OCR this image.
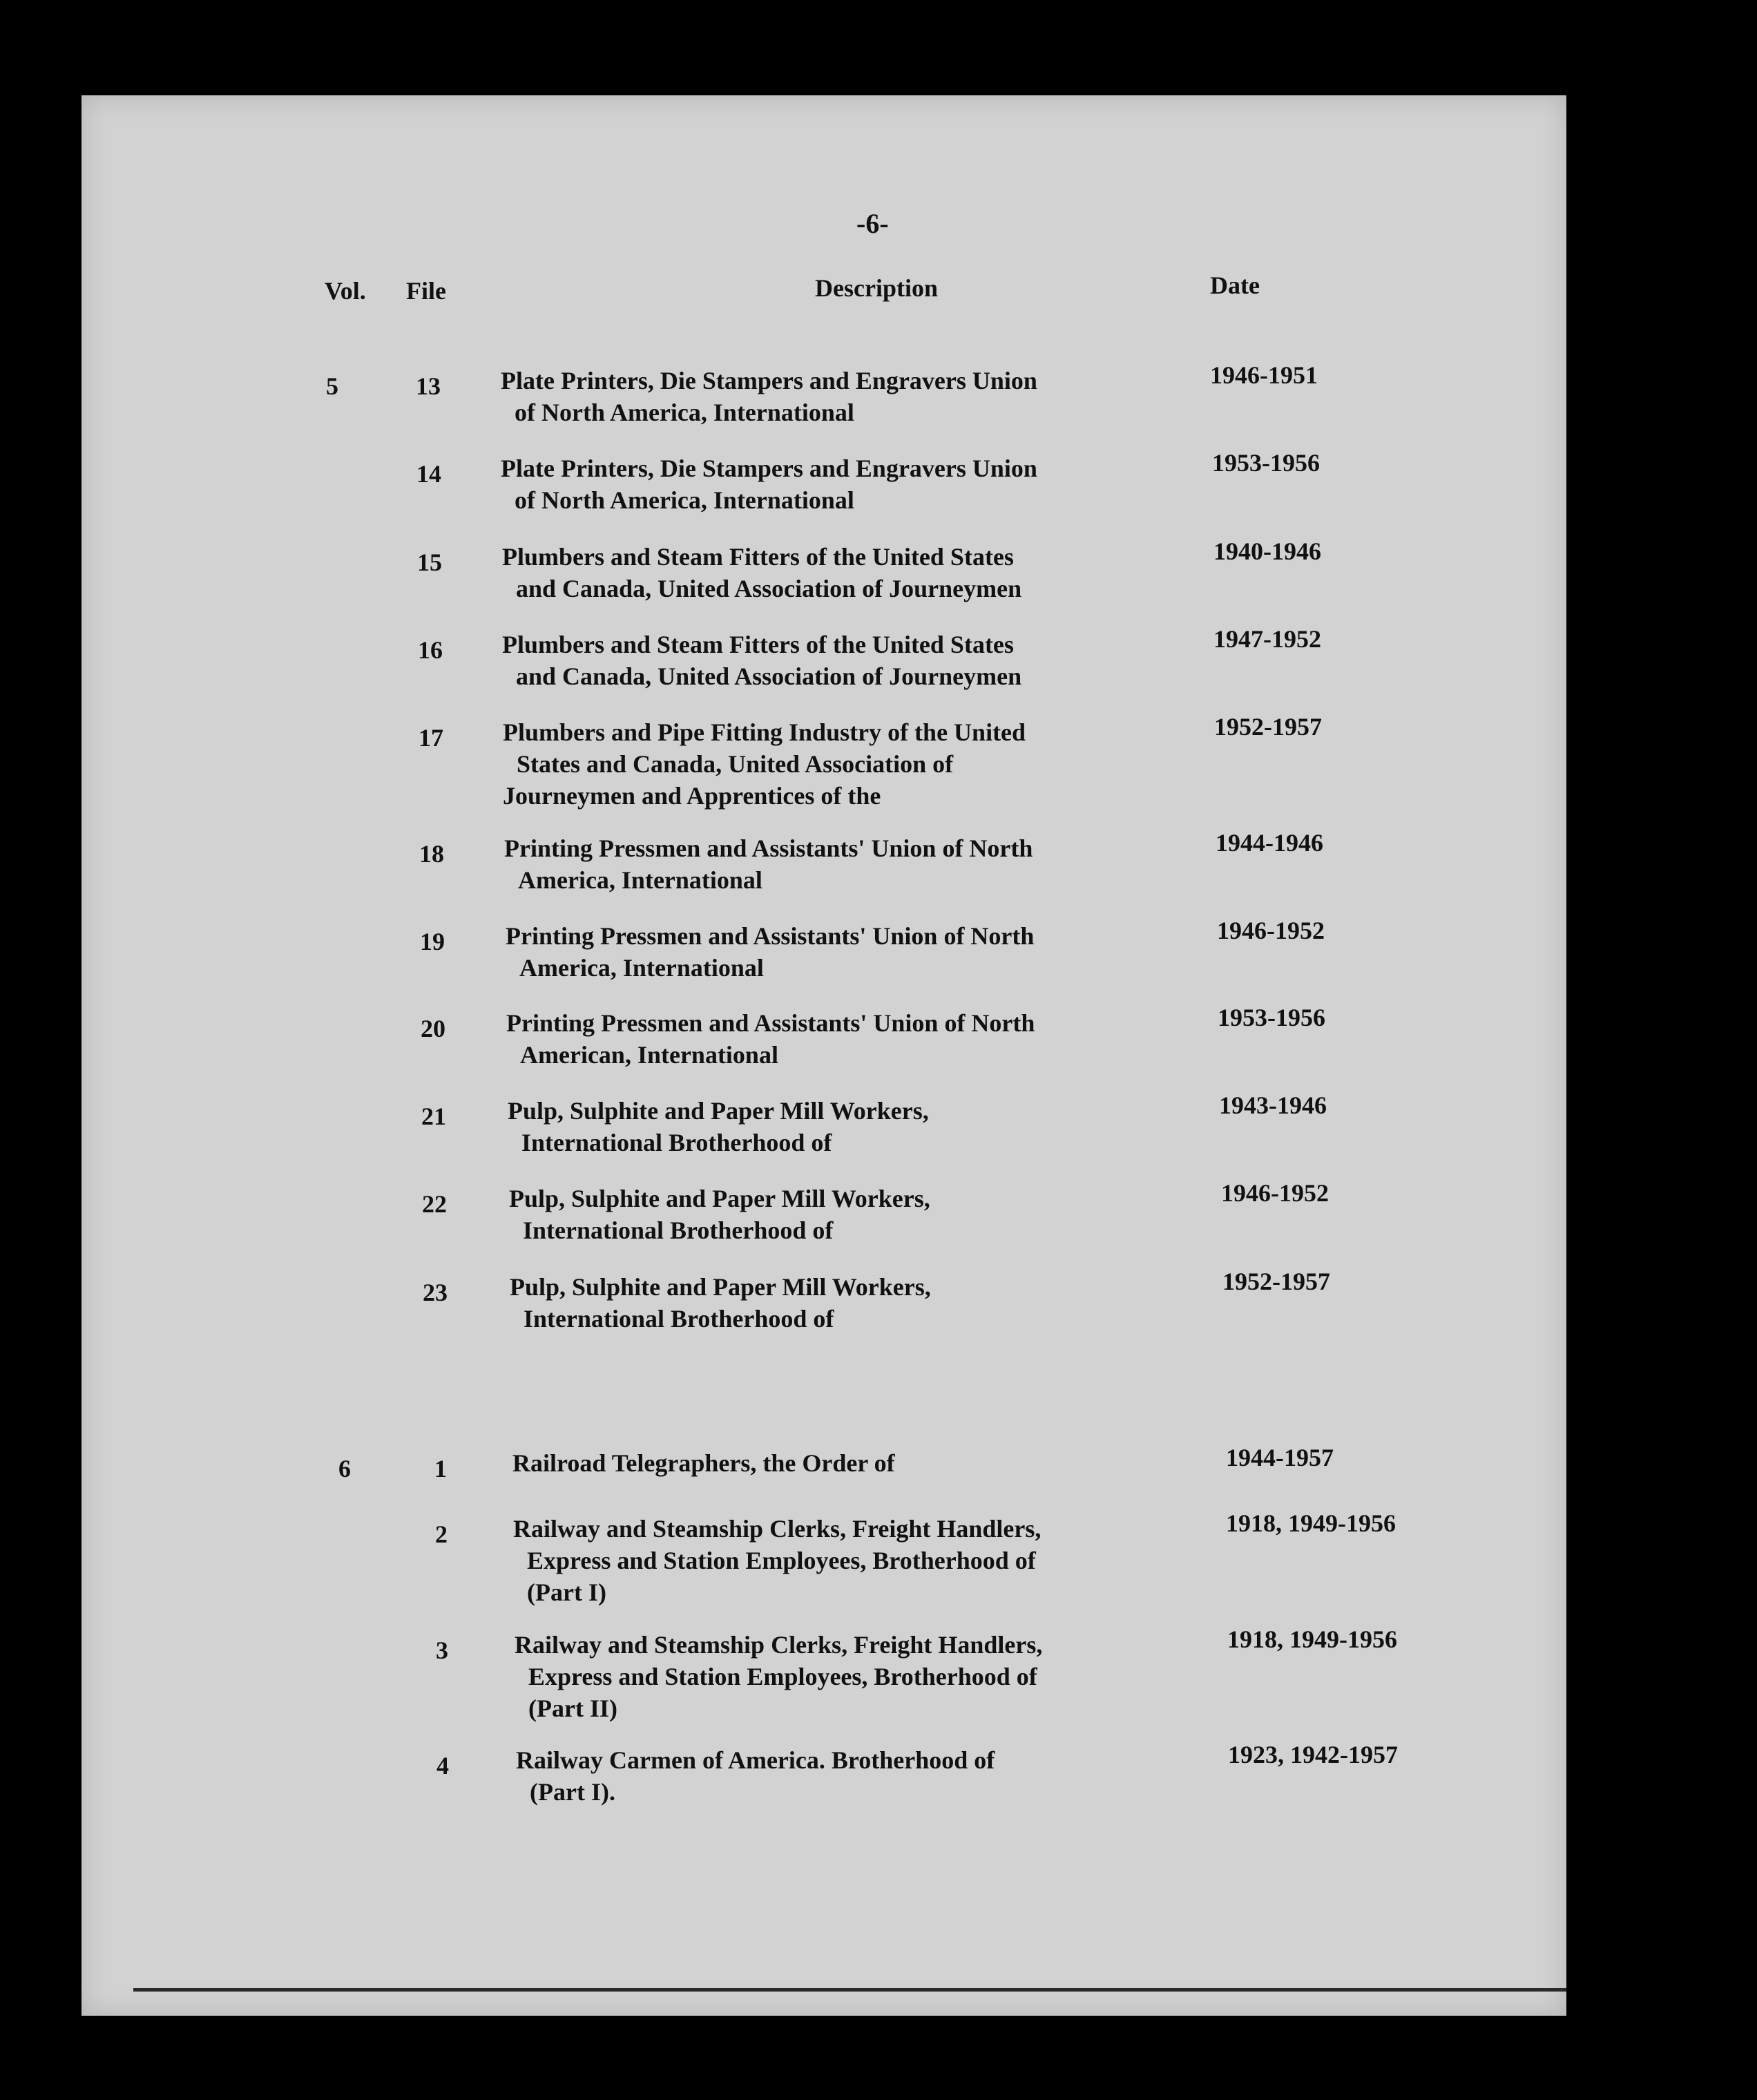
-6-
Vol. File	Description	Date
5	13 Plate Printers, Die Stampers and Engravers Union
of North America, International
1946-1951
14 Plate Printers, Die Stampers and Engravers Union
of North America, International
1953-1956
15 Plumbers and Steam Fitters of the United States
and Canada, United Association of Journeymen
1940-1946
16 Plumbers and Steam Fitters of the United States
and Canada, United Association of Journeymen
1947-1952
17 Plumbers and Pipe Fitting Industry of the United
States and Canada, United Association of
Journeymen and Apprentices of the
1952-1957
18 Printing Pressmen and Assistants' Union of North
America, International
1944-1946
19 Printing Pressmen and Assistants' Union of North
America, International
1946-1952
20 Printing Pressmen and Assistants' Union of North
American, International
1953-1956
21 Pulp, Sulphite and Paper Mill Workers,
International Brotherhood of
1943-1946
22	Pulp, Sulphite and Paper Mill Workers,
International Brotherhood of
1946-1952
23	Pulp, Sulphite and Paper Mill Workers,
International Brotherhood of
1952-1957
6	1	Railroad Telegraphers, the Order of	1944-1957
2	Railway and Steamship Clerks, Freight Handlers,
Express and Station Employees, Brotherhood of
(Part I)
1918, 1949-1956
3	Railway and Steamship Clerks, Freight Handlers,
Express and Station Employees, Brotherhood of
(Part II)
1918, 1949-1956
4	Railway Carmen of America. Brotherhood of
(Part I).
1923, 1942-1957
